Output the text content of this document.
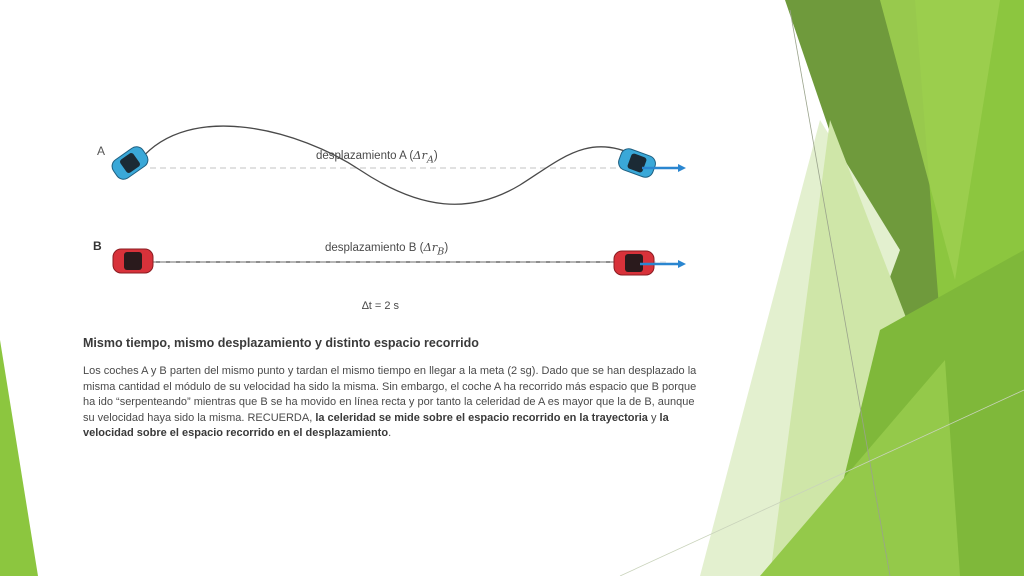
A
B
desplazamiento A $(\Delta r_A)$
desplazamiento B $(\Delta r_B)$
∆t = 2 s
Mismo tiempo, mismo desplazamiento y distinto espacio recorrido
Los coches A y B parten del mismo punto y tardan el mismo tiempo en llegar a la meta (2 sg). Dado que se han desplazado la misma cantidad el módulo de su velocidad ha sido la misma. Sin embargo, el coche A ha recorrido más espacio que B porque ha ido “serpenteando” mientras que B se ha movido en línea recta y por tanto la celeridad de A es mayor que la de B, aunque su velocidad haya sido la misma. RECUERDA, la celeridad se mide sobre el espacio recorrido en la trayectoria y la velocidad sobre el espacio recorrido en el desplazamiento.
